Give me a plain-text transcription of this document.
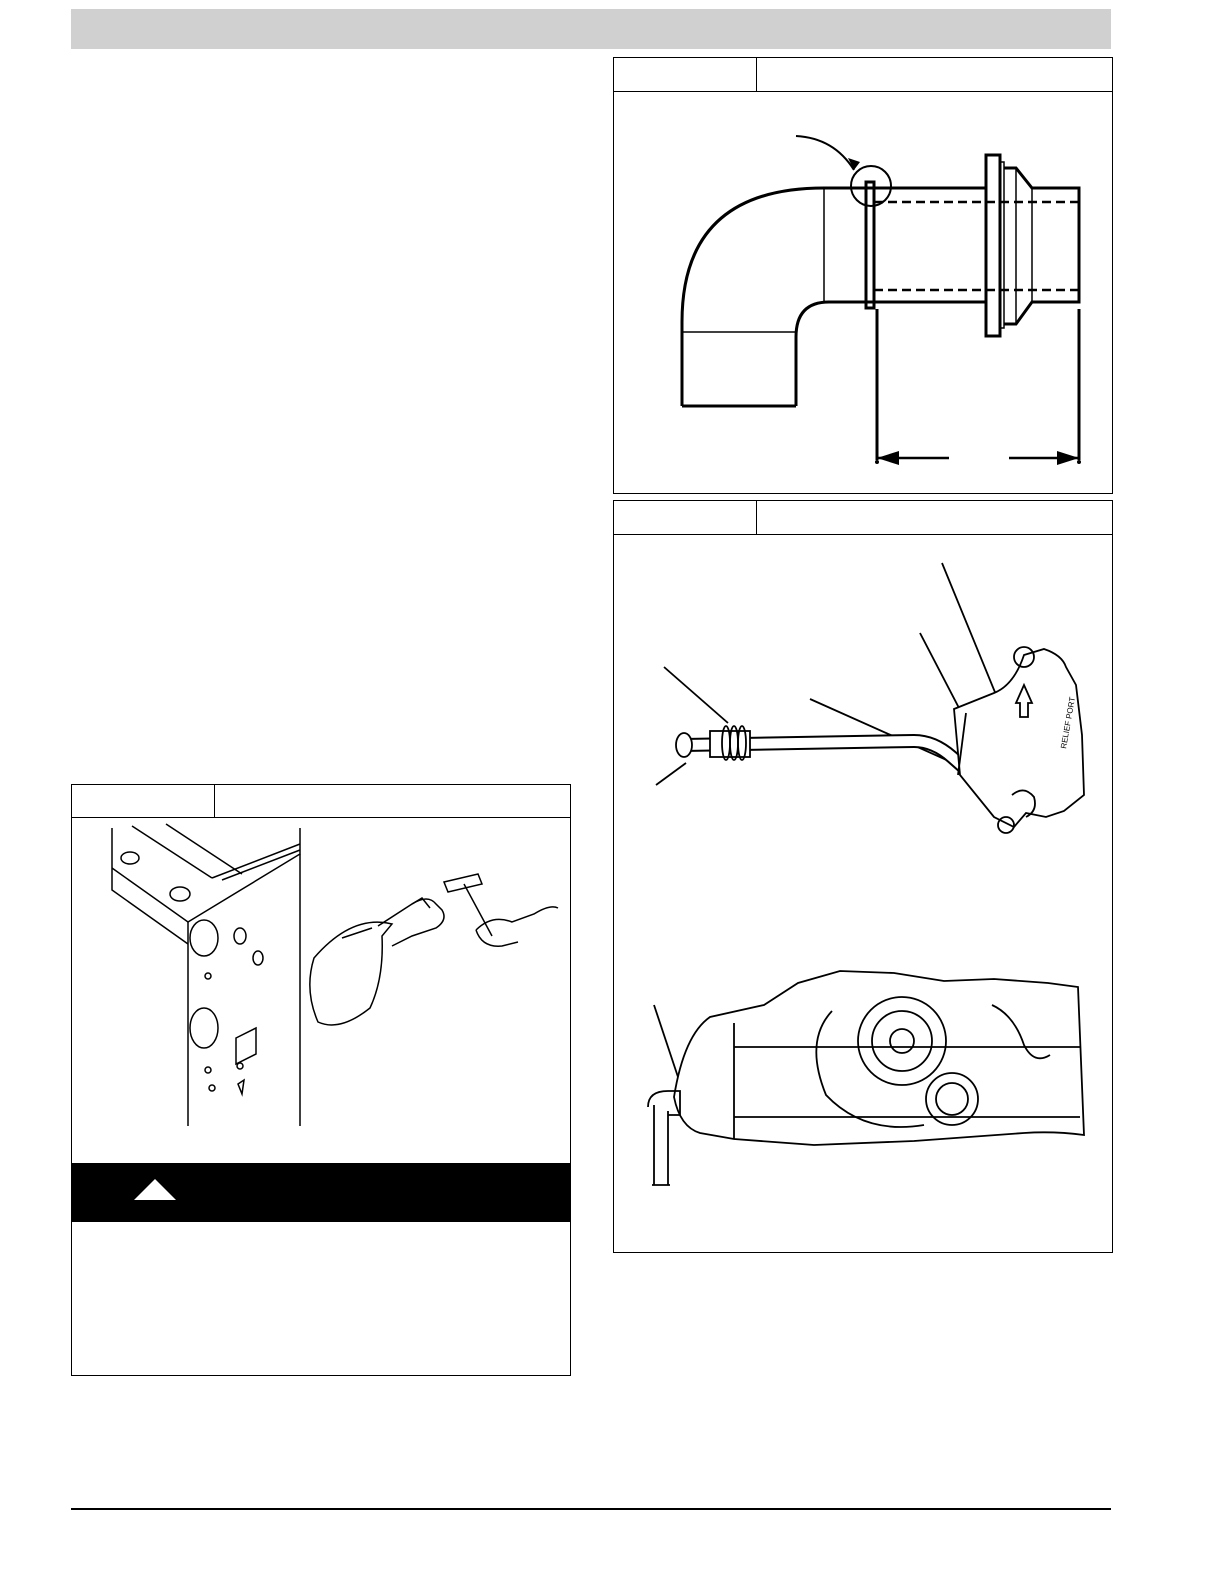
RELIEF PORT
